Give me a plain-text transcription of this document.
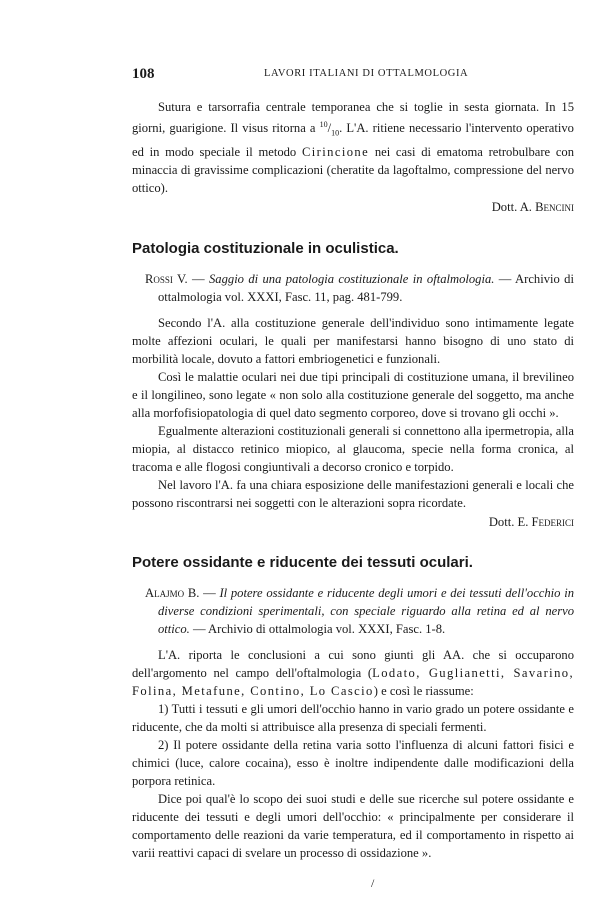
108	LAVORI ITALIANI DI OTTALMOLOGIA

Sutura e tarsorrafia centrale temporanea che si toglie in sesta giornata. In 15 giorni, guarigione. Il visus ritorna a $^{10}/_{10}$. L'A. ritiene necessario l'intervento operativo ed in modo speciale il metodo Cirincione nei casi di ematoma retrobulbare con minaccia di gravissime complicazioni (cheratite da lagoftalmo, compressione del nervo ottico).

Dott. A. Bencini
Patologia costituzionale in oculistica.

Rossi V. — Saggio di una patologia costituzionale in oftalmologia. — Archivio di ottalmologia vol. XXXI, Fasc. 11, pag. 481-799.

Secondo l'A. alla costituzione generale dell'individuo sono intimamente legate molte affezioni oculari, le quali per manifestarsi hanno bisogno di uno stato di morbilità locale, dovuto a fattori embriogenetici e funzionali.

Così le malattie oculari nei due tipi principali di costituzione umana, il brevilineo e il longilineo, sono legate « non solo alla costituzione generale del soggetto, ma anche alla morfofisiopatologia di quel dato segmento corporeo, dove si trovano gli occhi ».

Egualmente alterazioni costituzionali generali si connettono alla ipermetropia, alla miopia, al distacco retinico miopico, al glaucoma, specie nella forma cronica, al tracoma e alle flogosi congiuntivali a decorso cronico e torpido.

Nel lavoro l'A. fa una chiara esposizione delle manifestazioni generali e locali che possono riscontrarsi nei soggetti con le alterazioni sopra ricordate.

Dott. E. Federici
Potere ossidante e riducente dei tessuti oculari.

Alajmo B. — Il potere ossidante e riducente degli umori e dei tessuti dell'occhio in diverse condizioni sperimentali, con speciale riguardo alla retina ed al nervo ottico. — Archivio di ottalmologia vol. XXXI, Fasc. 1-8.

L'A. riporta le conclusioni a cui sono giunti gli AA. che si occuparono dell'argomento nel campo dell'oftalmologia (Lodato, Guglianetti, Savarino, Folina, Metafune, Contino, Lo Cascio) e così le riassume:

1) Tutti i tessuti e gli umori dell'occhio hanno in vario grado un potere ossidante e riducente, che da molti si attribuisce alla presenza di speciali fermenti.

2) Il potere ossidante della retina varia sotto l'influenza di alcuni fattori fisici e chimici (luce, calore cocaina), esso è inoltre indipendente dalle modificazioni della porpora retinica.

Dice poi qual'è lo scopo dei suoi studi e delle sue ricerche sul potere ossidante e riducente dei tessuti e degli umori dell'occhio: « principalmente per considerare il comportamento delle reazioni da varie temperatura, ed il comportamento in rispetto ai varii reattivi capaci di svelare un processo di ossidazione ».

/
